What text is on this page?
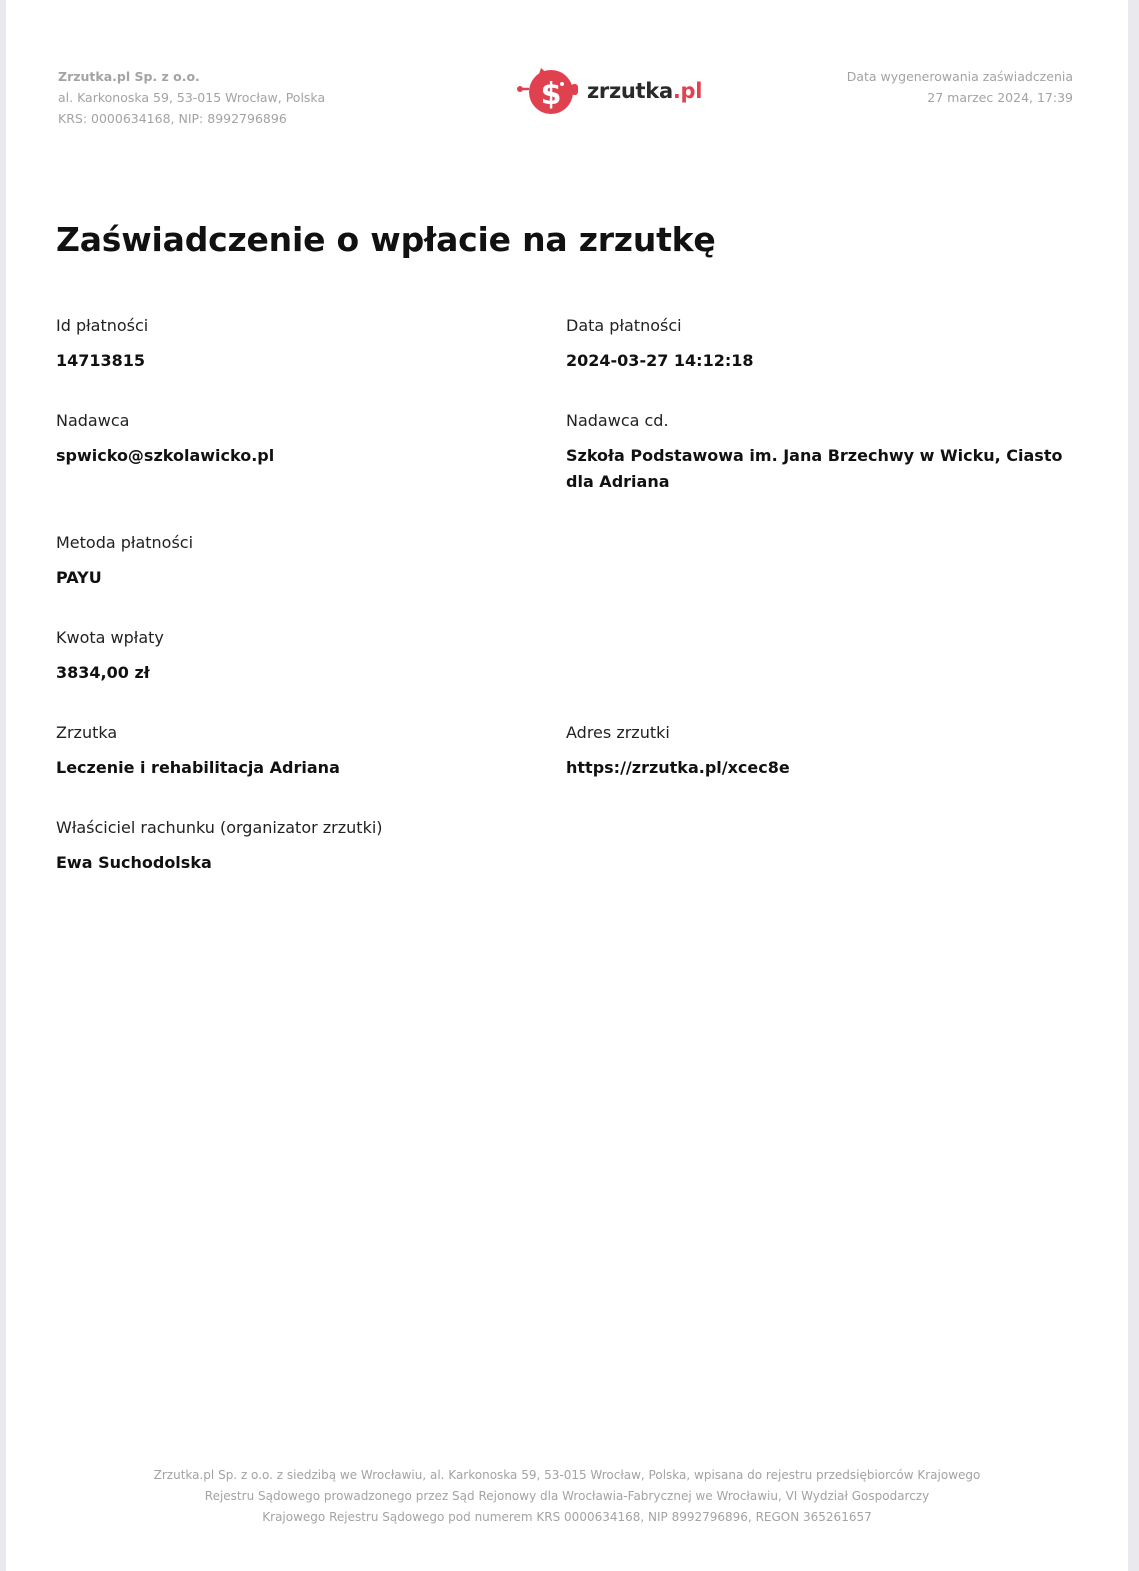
Zrzutka.pl Sp. z o.o.
al. Karkonoska 59, 53-015 Wrocław, Polska
KRS: 0000634168, NIP: 8992796896
$ zrzutka.pl
Data wygenerowania zaświadczenia
27 marzec 2024, 17:39
Zaświadczenie o wpłacie na zrzutkę
Id płatności
14713815
Data płatności
2024-03-27 14:12:18
Nadawca
spwicko@szkolawicko.pl
Nadawca cd.
Szkoła Podstawowa im. Jana Brzechwy w Wicku, Ciasto dla Adriana
Metoda płatności
PAYU
Kwota wpłaty
3834,00 zł
Zrzutka
Leczenie i rehabilitacja Adriana
Adres zrzutki
https://zrzutka.pl/xcec8e
Właściciel rachunku (organizator zrzutki)
Ewa Suchodolska
Zrzutka.pl Sp. z o.o. z siedzibą we Wrocławiu, al. Karkonoska 59, 53-015 Wrocław, Polska, wpisana do rejestru przedsiębiorców Krajowego
Rejestru Sądowego prowadzonego przez Sąd Rejonowy dla Wrocławia-Fabrycznej we Wrocławiu, VI Wydział Gospodarczy
Krajowego Rejestru Sądowego pod numerem KRS 0000634168, NIP 8992796896, REGON 365261657
